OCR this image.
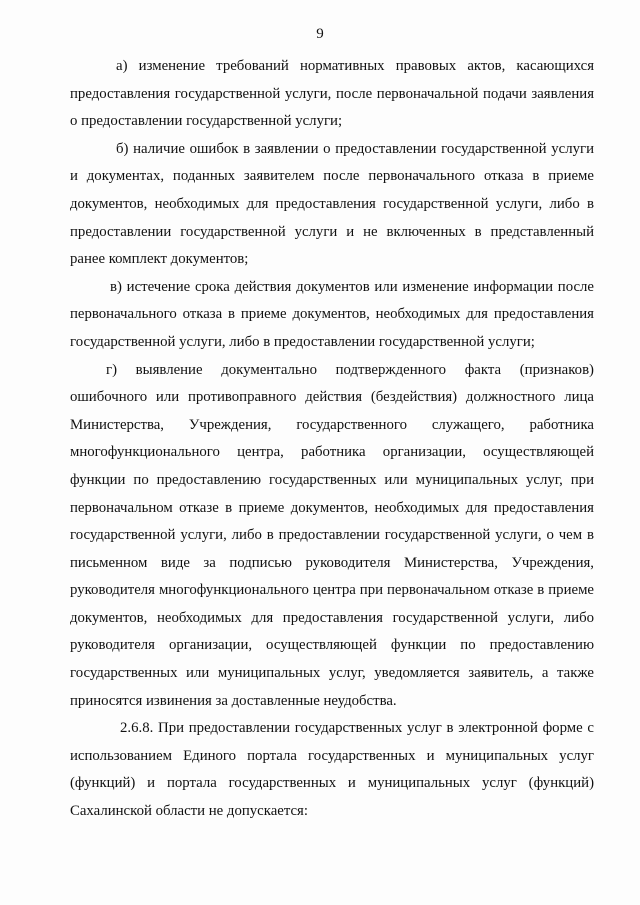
9

а) изменение требований нормативных правовых актов, касающихся предоставления государственной услуги, после первоначальной подачи заявления о предоставлении государственной услуги;

б) наличие ошибок в заявлении о предоставлении государственной услуги и документах, поданных заявителем после первоначального отказа в приеме документов, необходимых для предоставления государственной услуги, либо в предоставлении государственной услуги и не включенных в представленный ранее комплект документов;

в) истечение срока действия документов или изменение информации после первоначального отказа в приеме документов, необходимых для предоставления государственной услуги, либо в предоставлении государственной услуги;

г) выявление документально подтвержденного факта (признаков) ошибочного или противоправного действия (бездействия) должностного лица Министерства, Учреждения, государственного служащего, работника многофункционального центра, работника организации, осуществляющей функции по предоставлению государственных или муниципальных услуг, при первоначальном отказе в приеме документов, необходимых для предоставления государственной услуги, либо в предоставлении государственной услуги, о чем в письменном виде за подписью руководителя Министерства, Учреждения, руководителя многофункционального центра при первоначальном отказе в приеме документов, необходимых для предоставления государственной услуги, либо руководителя организации, осуществляющей функции по предоставлению государственных или муниципальных услуг, уведомляется заявитель, а также приносятся извинения за доставленные неудобства.

2.6.8. При предоставлении государственных услуг в электронной форме с использованием Единого портала государственных и муниципальных услуг (функций) и портала государственных и муниципальных услуг (функций) Сахалинской области не допускается:
